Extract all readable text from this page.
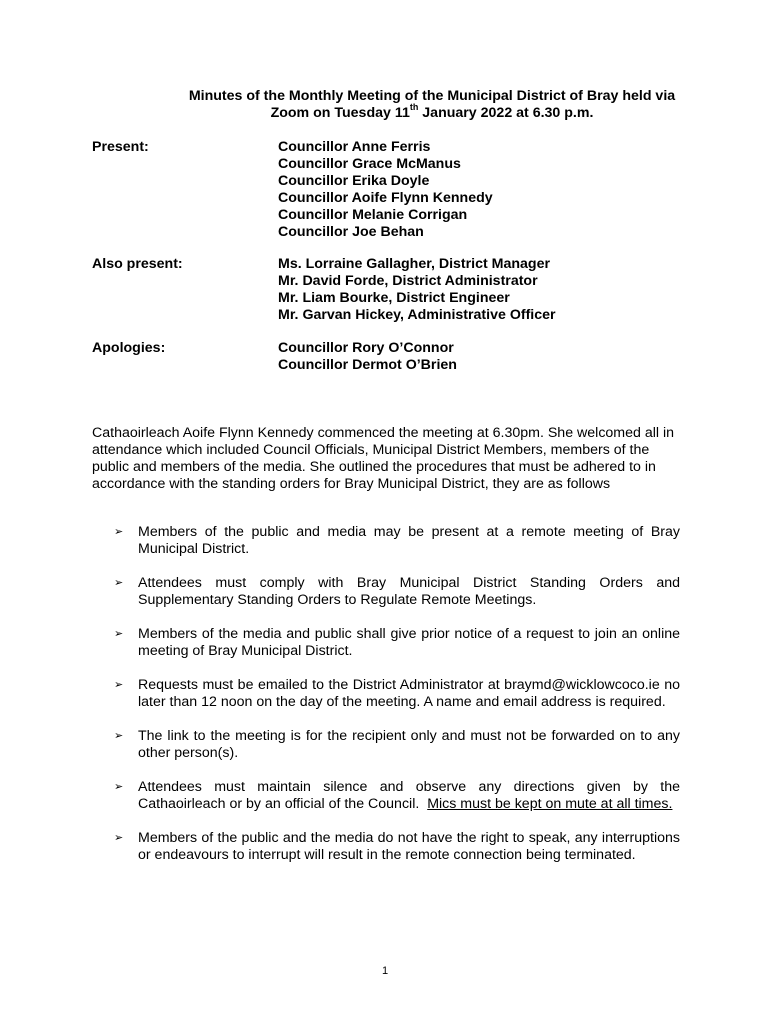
Minutes of the Monthly Meeting of the Municipal District of Bray held via
Zoom on Tuesday 11th January 2022 at 6.30 p.m.
Present:	Councillor Anne Ferris
Councillor Grace McManus
Councillor Erika Doyle
Councillor Aoife Flynn Kennedy
Councillor Melanie Corrigan
Councillor Joe Behan
Also present:	Ms. Lorraine Gallagher, District Manager
Mr. David Forde, District Administrator
Mr. Liam Bourke, District Engineer
Mr. Garvan Hickey, Administrative Officer
Apologies:	Councillor Rory O’Connor
Councillor Dermot O’Brien
Cathaoirleach Aoife Flynn Kennedy commenced the meeting at 6.30pm. She welcomed all in attendance which included Council Officials, Municipal District Members, members of the public and members of the media. She outlined the procedures that must be adhered to in accordance with the standing orders for Bray Municipal District, they are as follows
➢ Members of the public and media may be present at a remote meeting of Bray Municipal District.
➢ Attendees must comply with Bray Municipal District Standing Orders and Supplementary Standing Orders to Regulate Remote Meetings.
➢ Members of the media and public shall give prior notice of a request to join an online meeting of Bray Municipal District.
➢ Requests must be emailed to the District Administrator at braymd@wicklowcoco.ie no later than 12 noon on the day of the meeting. A name and email address is required.
➢ The link to the meeting is for the recipient only and must not be forwarded on to any other person(s).
➢ Attendees must maintain silence and observe any directions given by the Cathaoirleach or by an official of the Council. Mics must be kept on mute at all times.
➢ Members of the public and the media do not have the right to speak, any interruptions or endeavours to interrupt will result in the remote connection being terminated.
1
